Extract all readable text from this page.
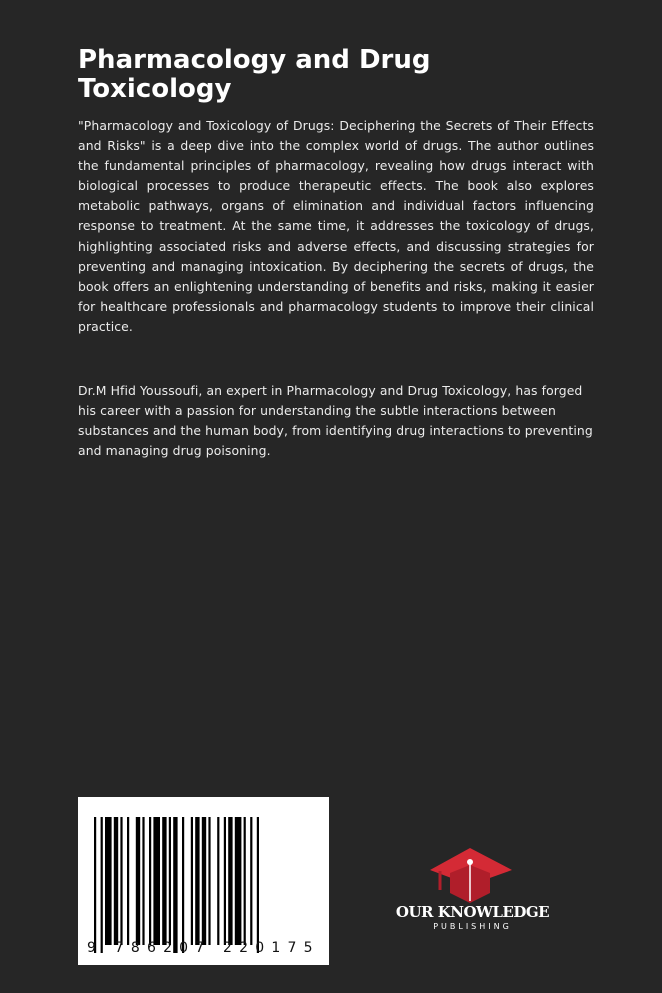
Pharmacology and Drug Toxicology

"Pharmacology and Toxicology of Drugs: Deciphering the Secrets of Their Effects and Risks" is a deep dive into the complex world of drugs. The author outlines the fundamental principles of pharmacology, revealing how drugs interact with biological processes to produce therapeutic effects. The book also explores metabolic pathways, organs of elimination and individual factors influencing response to treatment. At the same time, it addresses the toxicology of drugs, highlighting associated risks and adverse effects, and discussing strategies for preventing and managing intoxication. By deciphering the secrets of drugs, the book offers an enlightening understanding of benefits and risks, making it easier for healthcare professionals and pharmacology students to improve their clinical practice.

Dr.M Hfid Youssoufi, an expert in Pharmacology and Drug Toxicology, has forged his career with a passion for understanding the subtle interactions between substances and the human body, from identifying drug interactions to preventing and managing drug poisoning.

9 786207 220175
OUR KNOWLEDGE
PUBLISHING
